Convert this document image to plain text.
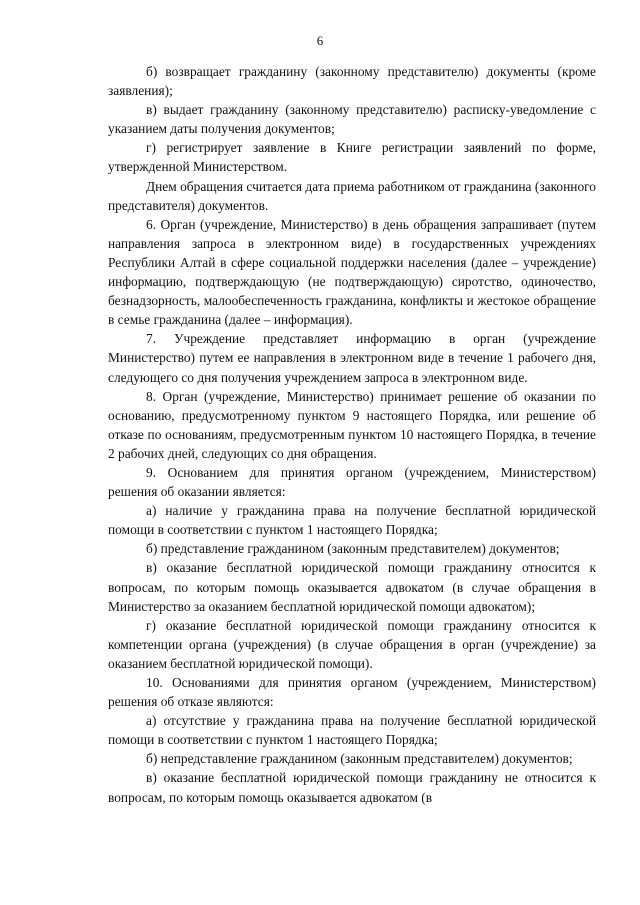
6

б) возвращает гражданину (законному представителю) документы (кроме заявления);

в) выдает гражданину (законному представителю) расписку-уведомление с указанием даты получения документов;

г) регистрирует заявление в Книге регистрации заявлений по форме, утвержденной Министерством.

Днем обращения считается дата приема работником от гражданина (законного представителя) документов.

6. Орган (учреждение, Министерство) в день обращения запрашивает (путем направления запроса в электронном виде) в государственных учреждениях Республики Алтай в сфере социальной поддержки населения (далее – учреждение) информацию, подтверждающую (не подтверждающую) сиротство, одиночество, безнадзорность, малообеспеченность гражданина, конфликты и жестокое обращение в семье гражданина (далее – информация).

7. Учреждение представляет информацию в орган (учреждение Министерство) путем ее направления в электронном виде в течение 1 рабочего дня, следующего со дня получения учреждением запроса в электронном виде.

8. Орган (учреждение, Министерство) принимает решение об оказании по основанию, предусмотренному пунктом 9 настоящего Порядка, или решение об отказе по основаниям, предусмотренным пунктом 10 настоящего Порядка, в течение 2 рабочих дней, следующих со дня обращения.

9. Основанием для принятия органом (учреждением, Министерством) решения об оказании является:

а) наличие у гражданина права на получение бесплатной юридической помощи в соответствии с пунктом 1 настоящего Порядка;

б) представление гражданином (законным представителем) документов;

в) оказание бесплатной юридической помощи гражданину относится к вопросам, по которым помощь оказывается адвокатом (в случае обращения в Министерство за оказанием бесплатной юридической помощи адвокатом);

г) оказание бесплатной юридической помощи гражданину относится к компетенции органа (учреждения) (в случае обращения в орган (учреждение) за оказанием бесплатной юридической помощи).

10. Основаниями для принятия органом (учреждением, Министерством) решения об отказе являются:

а) отсутствие у гражданина права на получение бесплатной юридической помощи в соответствии с пунктом 1 настоящего Порядка;

б) непредставление гражданином (законным представителем) документов;

в) оказание бесплатной юридической помощи гражданину не относится к вопросам, по которым помощь оказывается адвокатом (в
